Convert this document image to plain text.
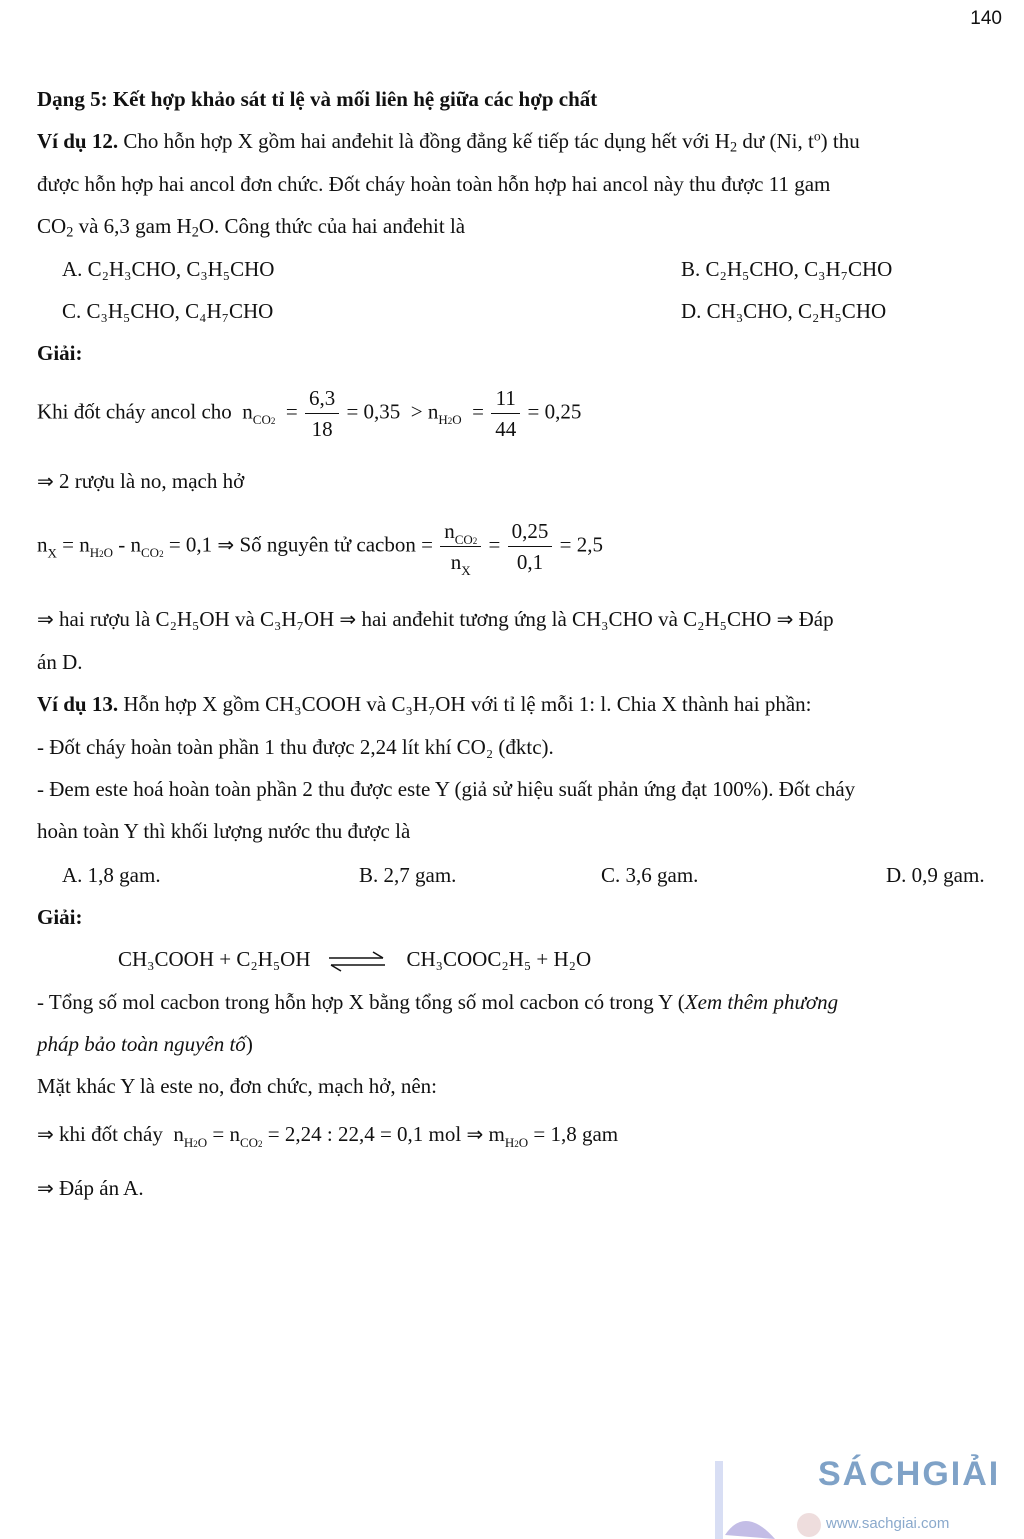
140
Dạng 5: Kết hợp khảo sát tỉ lệ và mối liên hệ giữa các hợp chất
Ví dụ 12. Cho hỗn hợp X gồm hai anđehit là đồng đẳng kế tiếp tác dụng hết với $H_2$ dư (Ni, $t^o$) thu
được hỗn hợp hai ancol đơn chức. Đốt cháy hoàn toàn hỗn hợp hai ancol này thu được 11 gam
$CO_2$ và 6,3 gam $H_2O$. Công thức của hai anđehit là
A. C₂H₃CHO, C₃H₅CHO	B. C₂H₅CHO, C₃H₇CHO
C. C₃H₅CHO, C₄H₇CHO	D. CH₃CHO, C₂H₅CHO
Giải:
Khi đốt cháy ancol cho  $n_{CO2} = \frac{6,3}{18} = 0,35 > n_{H2O} = \frac{11}{44} = 0,25$
⇒ 2 rượu là no, mạch hở
$n_X = n_{H2O} - n_{CO2} = 0,1$ ⇒ Số nguyên tử cacbon = $\frac{n_{CO2}}{n_X} = \frac{0,25}{0,1} = 2,5$
⇒ hai rượu là C₂H₅OH và C₃H₇OH ⇒ hai anđehit tương ứng là CH₃CHO và C₂H₅CHO ⇒ Đáp
án D.
Ví dụ 13. Hỗn hợp X gồm CH₃COOH và C₃H₇OH với tỉ lệ mỗi 1: l. Chia X thành hai phần:
- Đốt cháy hoàn toàn phần 1 thu được 2,24 lít khí CO₂ (đktc).
- Đem este hoá hoàn toàn phần 2 thu được este Y (giả sử hiệu suất phản ứng đạt 100%). Đốt cháy
hoàn toàn Y thì khối lượng nước thu được là
A. 1,8 gam.	B. 2,7 gam.	C. 3,6 gam.	D. 0,9 gam.
Giải:
CH₃COOH + C₂H₅OH ⇌ CH₃COOC₂H₅ + H₂O
- Tổng số mol cacbon trong hỗn hợp X bằng tổng số mol cacbon có trong Y (Xem thêm phương
pháp bảo toàn nguyên tố)
Mặt khác Y là este no, đơn chức, mạch hở, nên:
⇒ khi đốt cháy  $n_{H2O} = n_{CO2} = 2,24$ : 22,4 = 0,1 mol ⇒ $m_{H2O} = 1,8$ gam
⇒ Đáp án A.
SÁCHGIẢI
www.sachgiai.com
